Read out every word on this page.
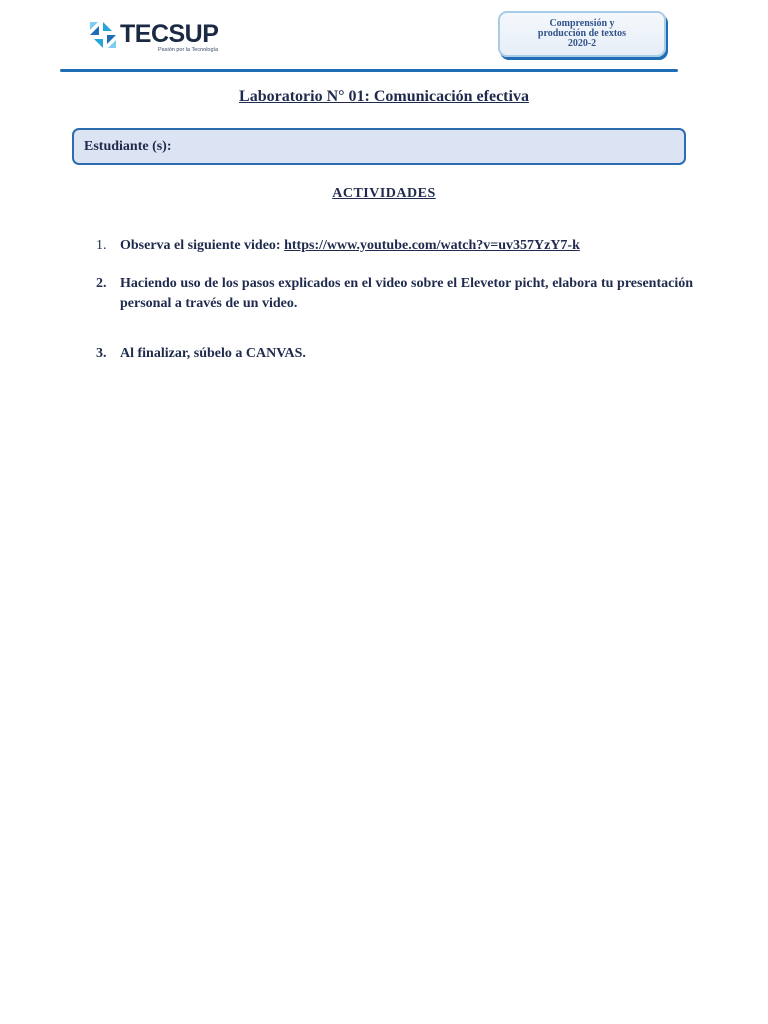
TECSUP
Pasión por la Tecnología
Comprensión y
producción de textos
2020-2
Laboratorio N° 01: Comunicación efectiva
Estudiante (s):
ACTIVIDADES
1. Observa el siguiente video: https://www.youtube.com/watch?v=uv357YzY7-k
2. Haciendo uso de los pasos explicados en el video sobre el Elevetor picht, elabora tu presentación personal a través de un video.
3. Al finalizar, súbelo a CANVAS.
